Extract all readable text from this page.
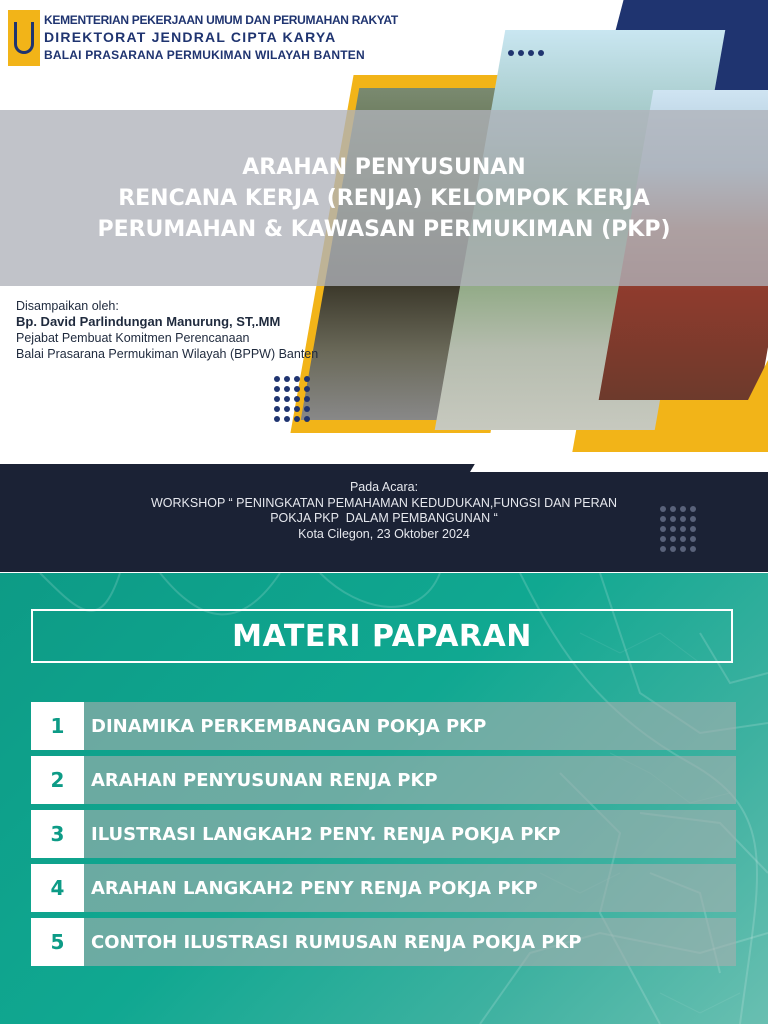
ARAHAN PENYUSUNAN
RENCANA KERJA (RENJA) KELOMPOK KERJA
PERUMAHAN & KAWASAN PERMUKIMAN (PKP)
KEMENTERIAN PEKERJAAN UMUM DAN PERUMAHAN RAKYAT
DIREKTORAT JENDRAL CIPTA KARYA
BALAI PRASARANA PERMUKIMAN WILAYAH BANTEN
Disampaikan oleh:
Bp. David Parlindungan Manurung, ST,.MM
Pejabat Pembuat Komitmen Perencanaan
Balai Prasarana Permukiman Wilayah (BPPW) Banten
Pada Acara:
WORKSHOP “ PENINGKATAN PEMAHAMAN KEDUDUKAN,FUNGSI DAN PERAN
POKJA PKP  DALAM PEMBANGUNAN “
Kota Cilegon, 23 Oktober 2024
MATERI PAPARAN
1	DINAMIKA PERKEMBANGAN POKJA PKP
2	ARAHAN PENYUSUNAN RENJA PKP
3	ILUSTRASI LANGKAH2 PENY. RENJA POKJA PKP
4	ARAHAN LANGKAH2 PENY RENJA POKJA PKP
5	CONTOH ILUSTRASI RUMUSAN RENJA POKJA PKP
